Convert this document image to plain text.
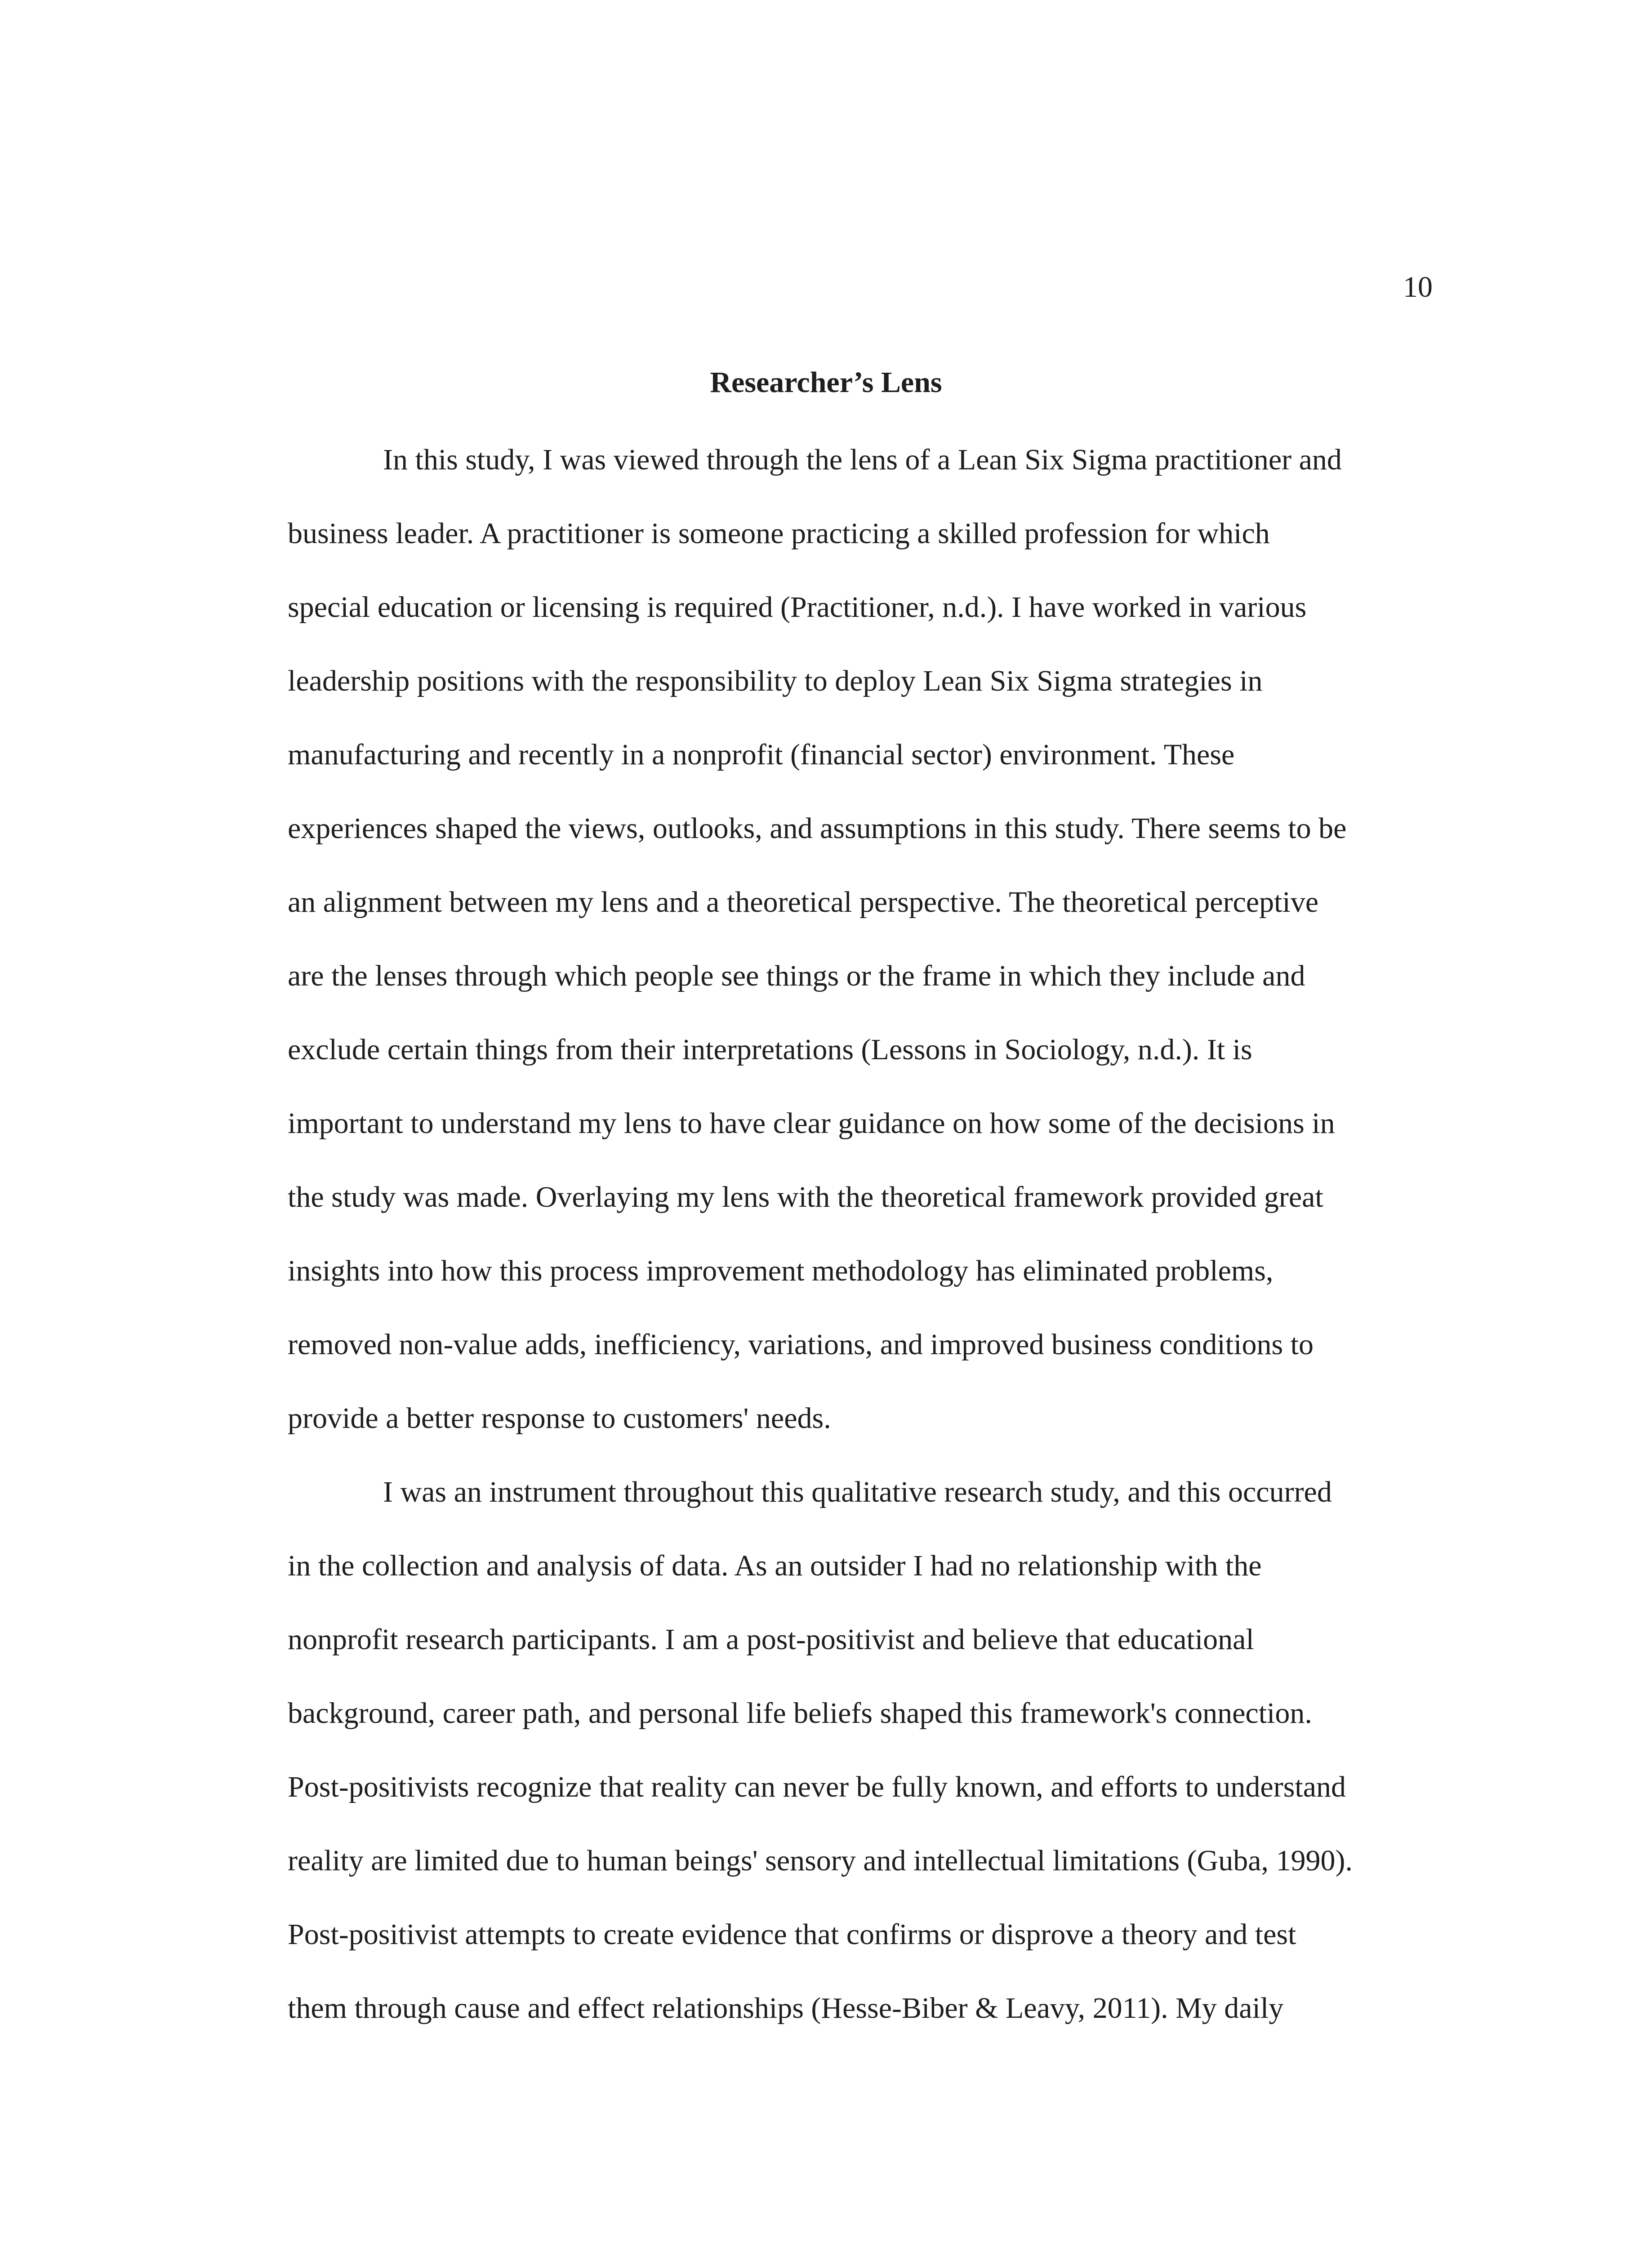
10
Researcher’s Lens
In this study, I was viewed through the lens of a Lean Six Sigma practitioner and
business leader. A practitioner is someone practicing a skilled profession for which
special education or licensing is required (Practitioner, n.d.). I have worked in various
leadership positions with the responsibility to deploy Lean Six Sigma strategies in
manufacturing and recently in a nonprofit (financial sector) environment. These
experiences shaped the views, outlooks, and assumptions in this study. There seems to be
an alignment between my lens and a theoretical perspective. The theoretical perceptive
are the lenses through which people see things or the frame in which they include and
exclude certain things from their interpretations (Lessons in Sociology, n.d.). It is
important to understand my lens to have clear guidance on how some of the decisions in
the study was made. Overlaying my lens with the theoretical framework provided great
insights into how this process improvement methodology has eliminated problems,
removed non-value adds, inefficiency, variations, and improved business conditions to
provide a better response to customers' needs.
I was an instrument throughout this qualitative research study, and this occurred
in the collection and analysis of data. As an outsider I had no relationship with the
nonprofit research participants. I am a post-positivist and believe that educational
background, career path, and personal life beliefs shaped this framework's connection.
Post-positivists recognize that reality can never be fully known, and efforts to understand
reality are limited due to human beings' sensory and intellectual limitations (Guba, 1990).
Post-positivist attempts to create evidence that confirms or disprove a theory and test
them through cause and effect relationships (Hesse-Biber & Leavy, 2011). My daily
